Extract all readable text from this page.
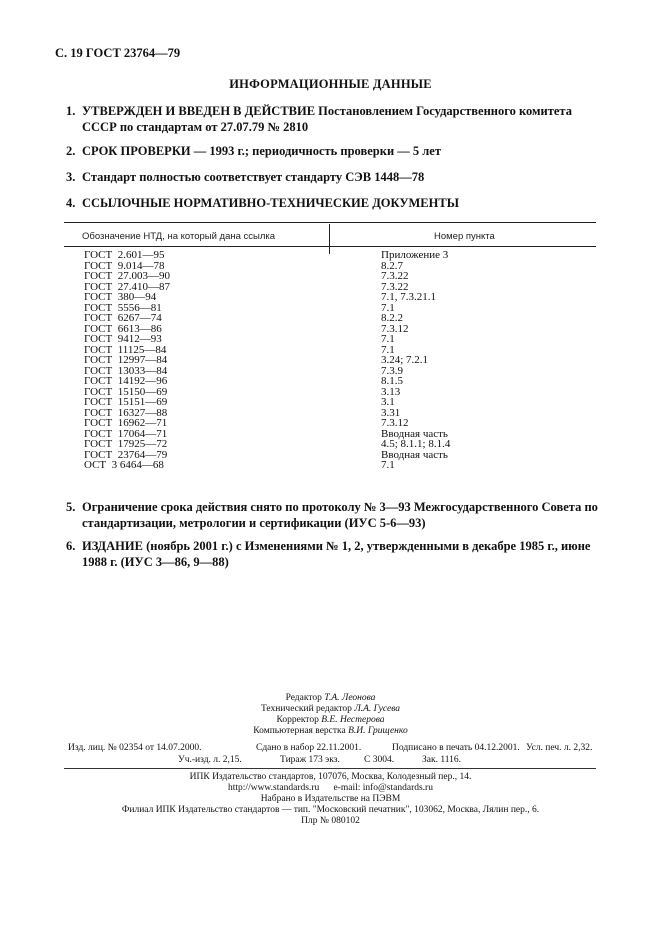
С. 19 ГОСТ 23764—79
ИНФОРМАЦИОННЫЕ ДАННЫЕ
1. УТВЕРЖДЕН И ВВЕДЕН В ДЕЙСТВИЕ Постановлением Государственного комитета СССР по стандартам от 27.07.79 № 2810
2. СРОК ПРОВЕРКИ — 1993 г.; периодичность проверки — 5 лет
3. Стандарт полностью соответствует стандарту СЭВ 1448—78
4. ССЫЛОЧНЫЕ НОРМАТИВНО-ТЕХНИЧЕСКИЕ ДОКУМЕНТЫ
Обозначение НТД, на который дана ссылка	Номер пункта
ГОСТ  2.601—95	Приложение 3
ГОСТ  9.014—78	8.2.7
ГОСТ  27.003—90	7.3.22
ГОСТ  27.410—87	7.3.22
ГОСТ  380—94	7.1, 7.3.21.1
ГОСТ  5556—81	7.1
ГОСТ  6267—74	8.2.2
ГОСТ  6613—86	7.3.12
ГОСТ  9412—93	7.1
ГОСТ  11125—84	7.1
ГОСТ  12997—84	3.24; 7.2.1
ГОСТ  13033—84	7.3.9
ГОСТ  14192—96	8.1.5
ГОСТ  15150—69	3.13
ГОСТ  15151—69	3.1
ГОСТ  16327—88	3.31
ГОСТ  16962—71	7.3.12
ГОСТ  17064—71	Вводная часть
ГОСТ  17925—72	4.5; 8.1.1; 8.1.4
ГОСТ  23764—79	Вводная часть
ОСТ  3 6464—68	7.1
5. Ограничение срока действия снято по протоколу № 3—93 Межгосударственного Совета по стандартизации, метрологии и сертификации (ИУС 5-6—93)
6. ИЗДАНИЕ (ноябрь 2001 г.) с Изменениями № 1, 2, утвержденными в декабре 1985 г., июне 1988 г. (ИУС 3—86, 9—88)
Редактор Т.А. Леонова
Технический редактор Л.А. Гусева
Корректор В.Е. Нестерова
Компьютерная верстка В.И. Грищенко
Изд. лиц. № 02354 от 14.07.2000.	Сдано в набор 22.11.2001.	Подписано в печать 04.12.2001. Усл. печ. л. 2,32.
Уч.-изд. л. 2,15.	Тираж 173 экз.	С 3004.	Зак. 1116.
ИПК Издательство стандартов, 107076, Москва, Колодезный пер., 14.
http://www.standards.ru      e-mail: info@standards.ru
Набрано в Издательстве на ПЭВМ
Филиал ИПК Издательство стандартов — тип. "Московский печатник", 103062, Москва, Лялин пер., 6.
Плр № 080102
